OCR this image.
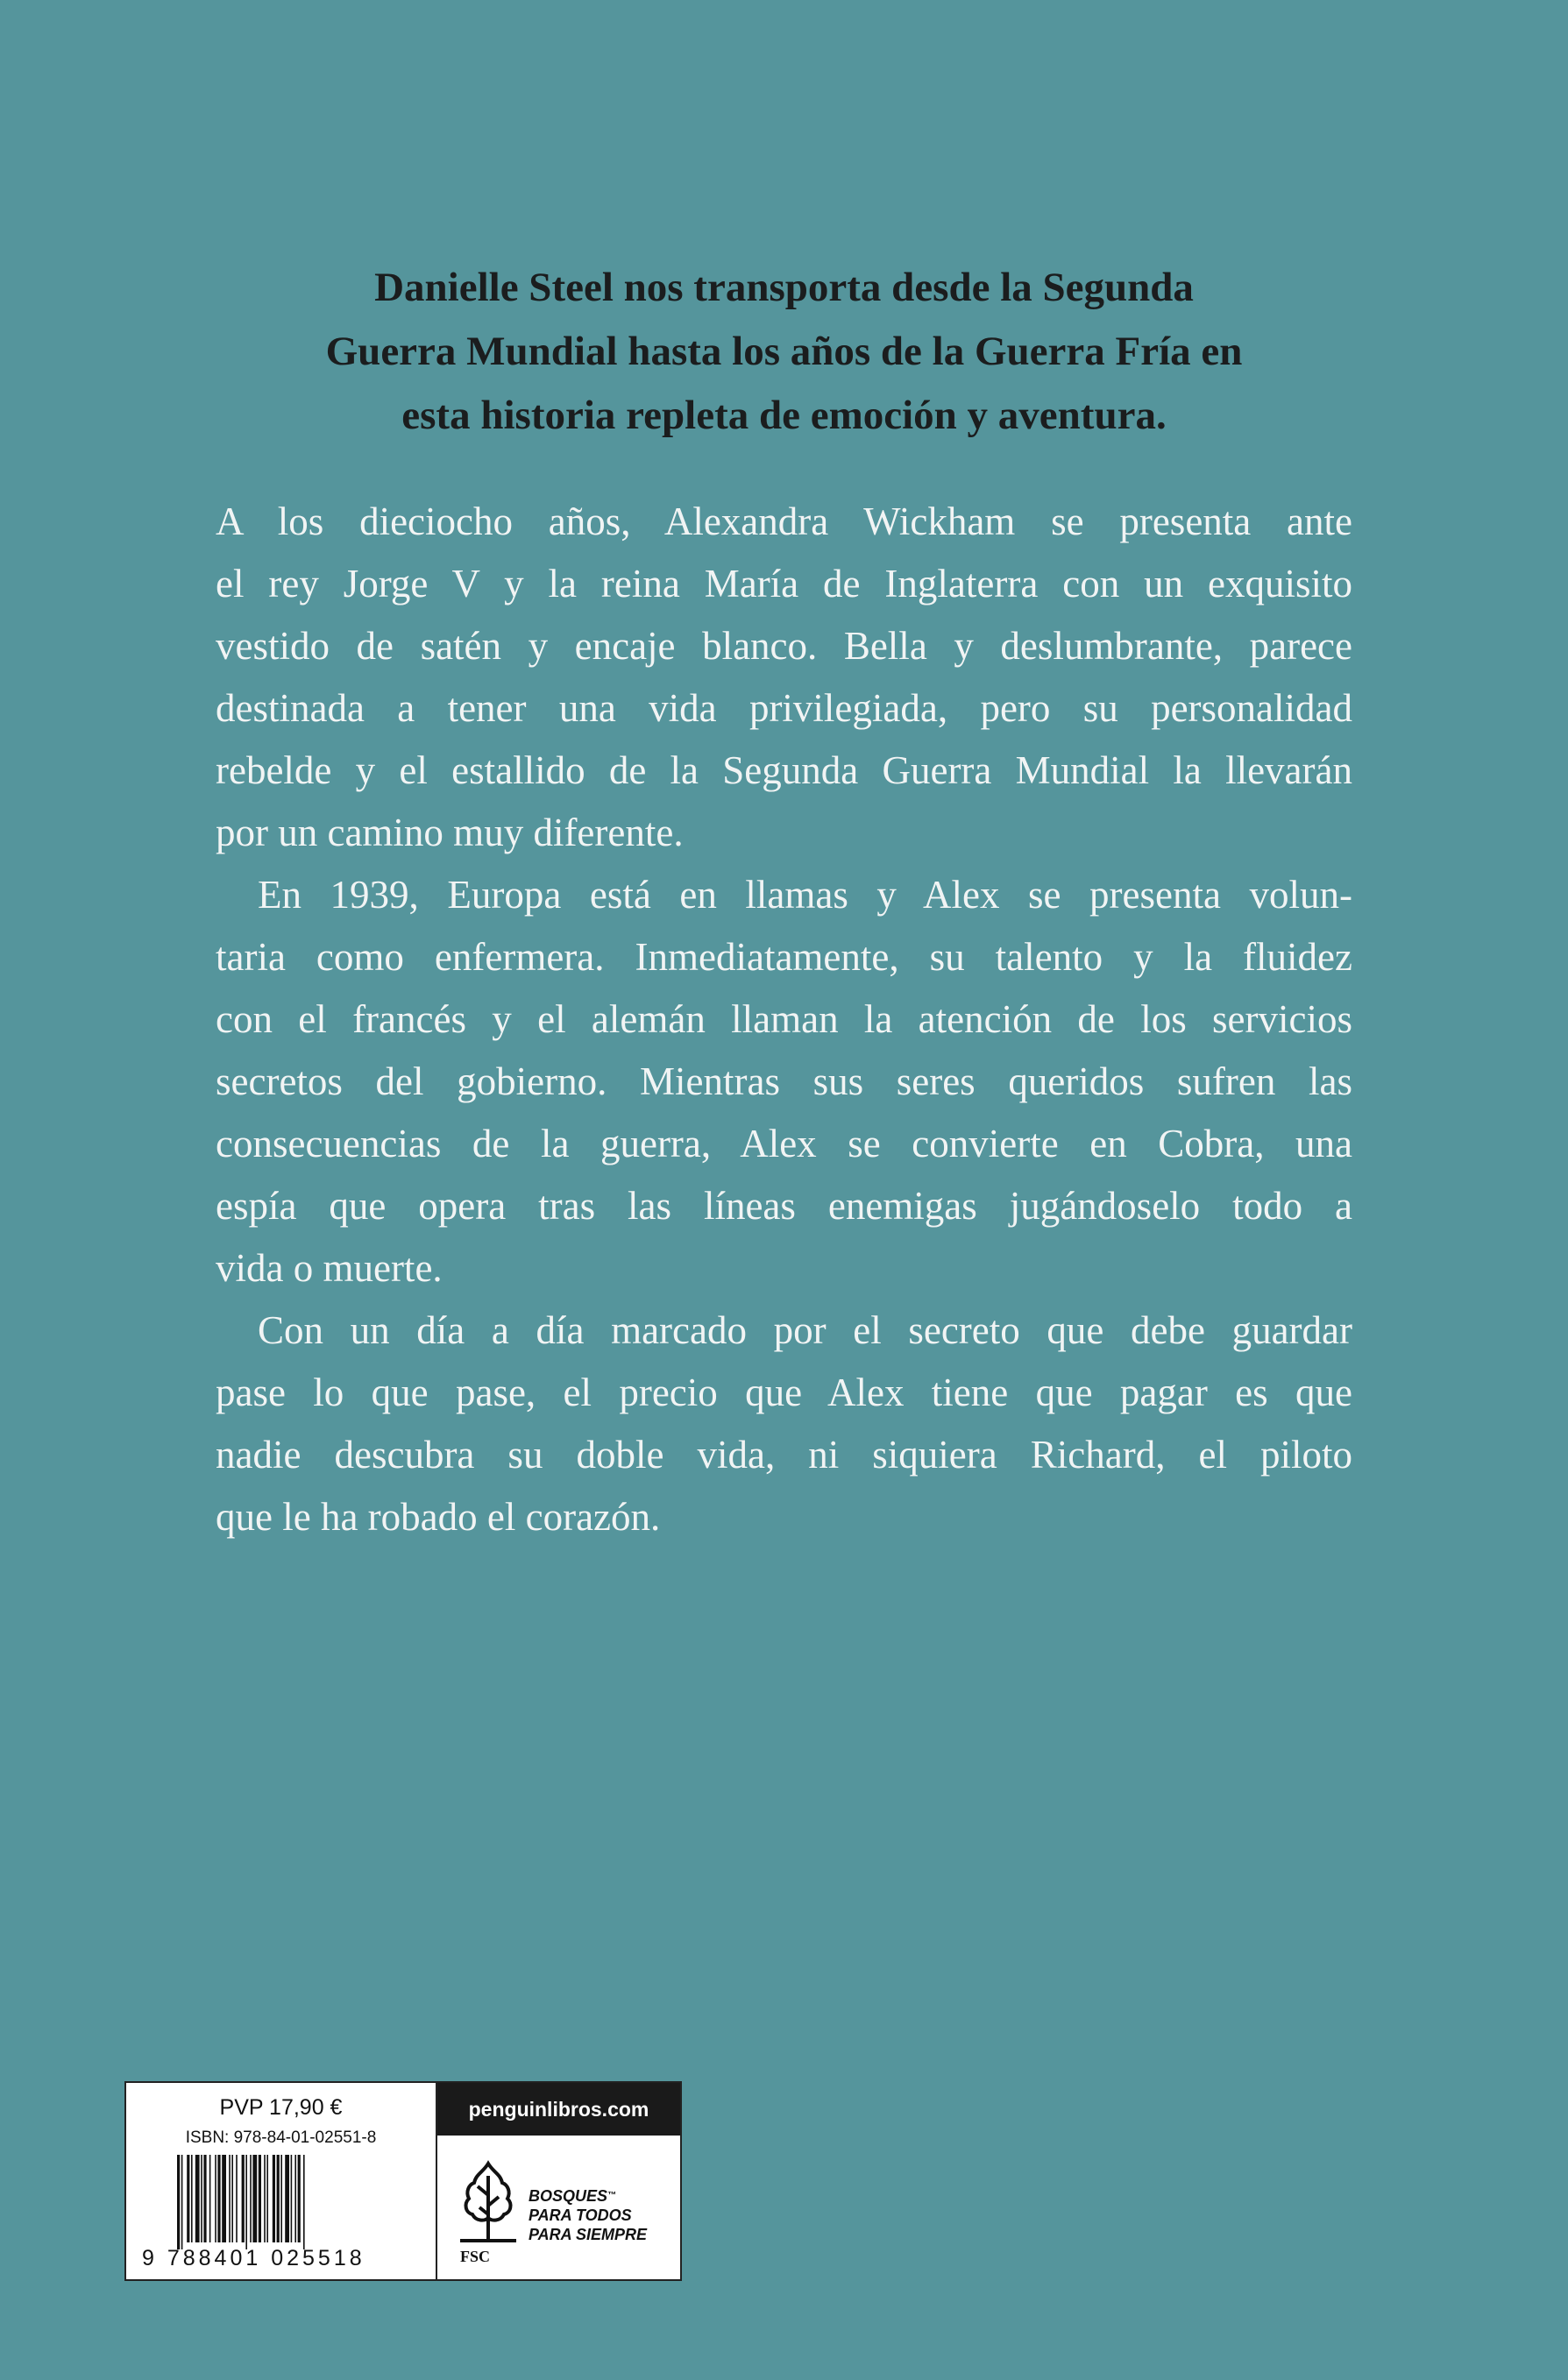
Danielle Steel nos transporta desde la Segunda
Guerra Mundial hasta los años de la Guerra Fría en
esta historia repleta de emoción y aventura.

A los dieciocho años, Alexandra Wickham se presenta ante
el rey Jorge V y la reina María de Inglaterra con un exquisito
vestido de satén y encaje blanco. Bella y deslumbrante, parece
destinada a tener una vida privilegiada, pero su personalidad
rebelde y el estallido de la Segunda Guerra Mundial la llevarán
por un camino muy diferente.

En 1939, Europa está en llamas y Alex se presenta volun-
taria como enfermera. Inmediatamente, su talento y la fluidez
con el francés y el alemán llaman la atención de los servicios
secretos del gobierno. Mientras sus seres queridos sufren las
consecuencias de la guerra, Alex se convierte en Cobra, una
espía que opera tras las líneas enemigas jugándoselo todo a
vida o muerte.

Con un día a día marcado por el secreto que debe guardar
pase lo que pase, el precio que Alex tiene que pagar es que
nadie descubra su doble vida, ni siquiera Richard, el piloto
que le ha robado el corazón.

PVP 17,90 €
ISBN: 978-84-01-02551-8
9 788401 025518
penguinlibros.com
FSC
BOSQUES™
PARA TODOS
PARA SIEMPRE
